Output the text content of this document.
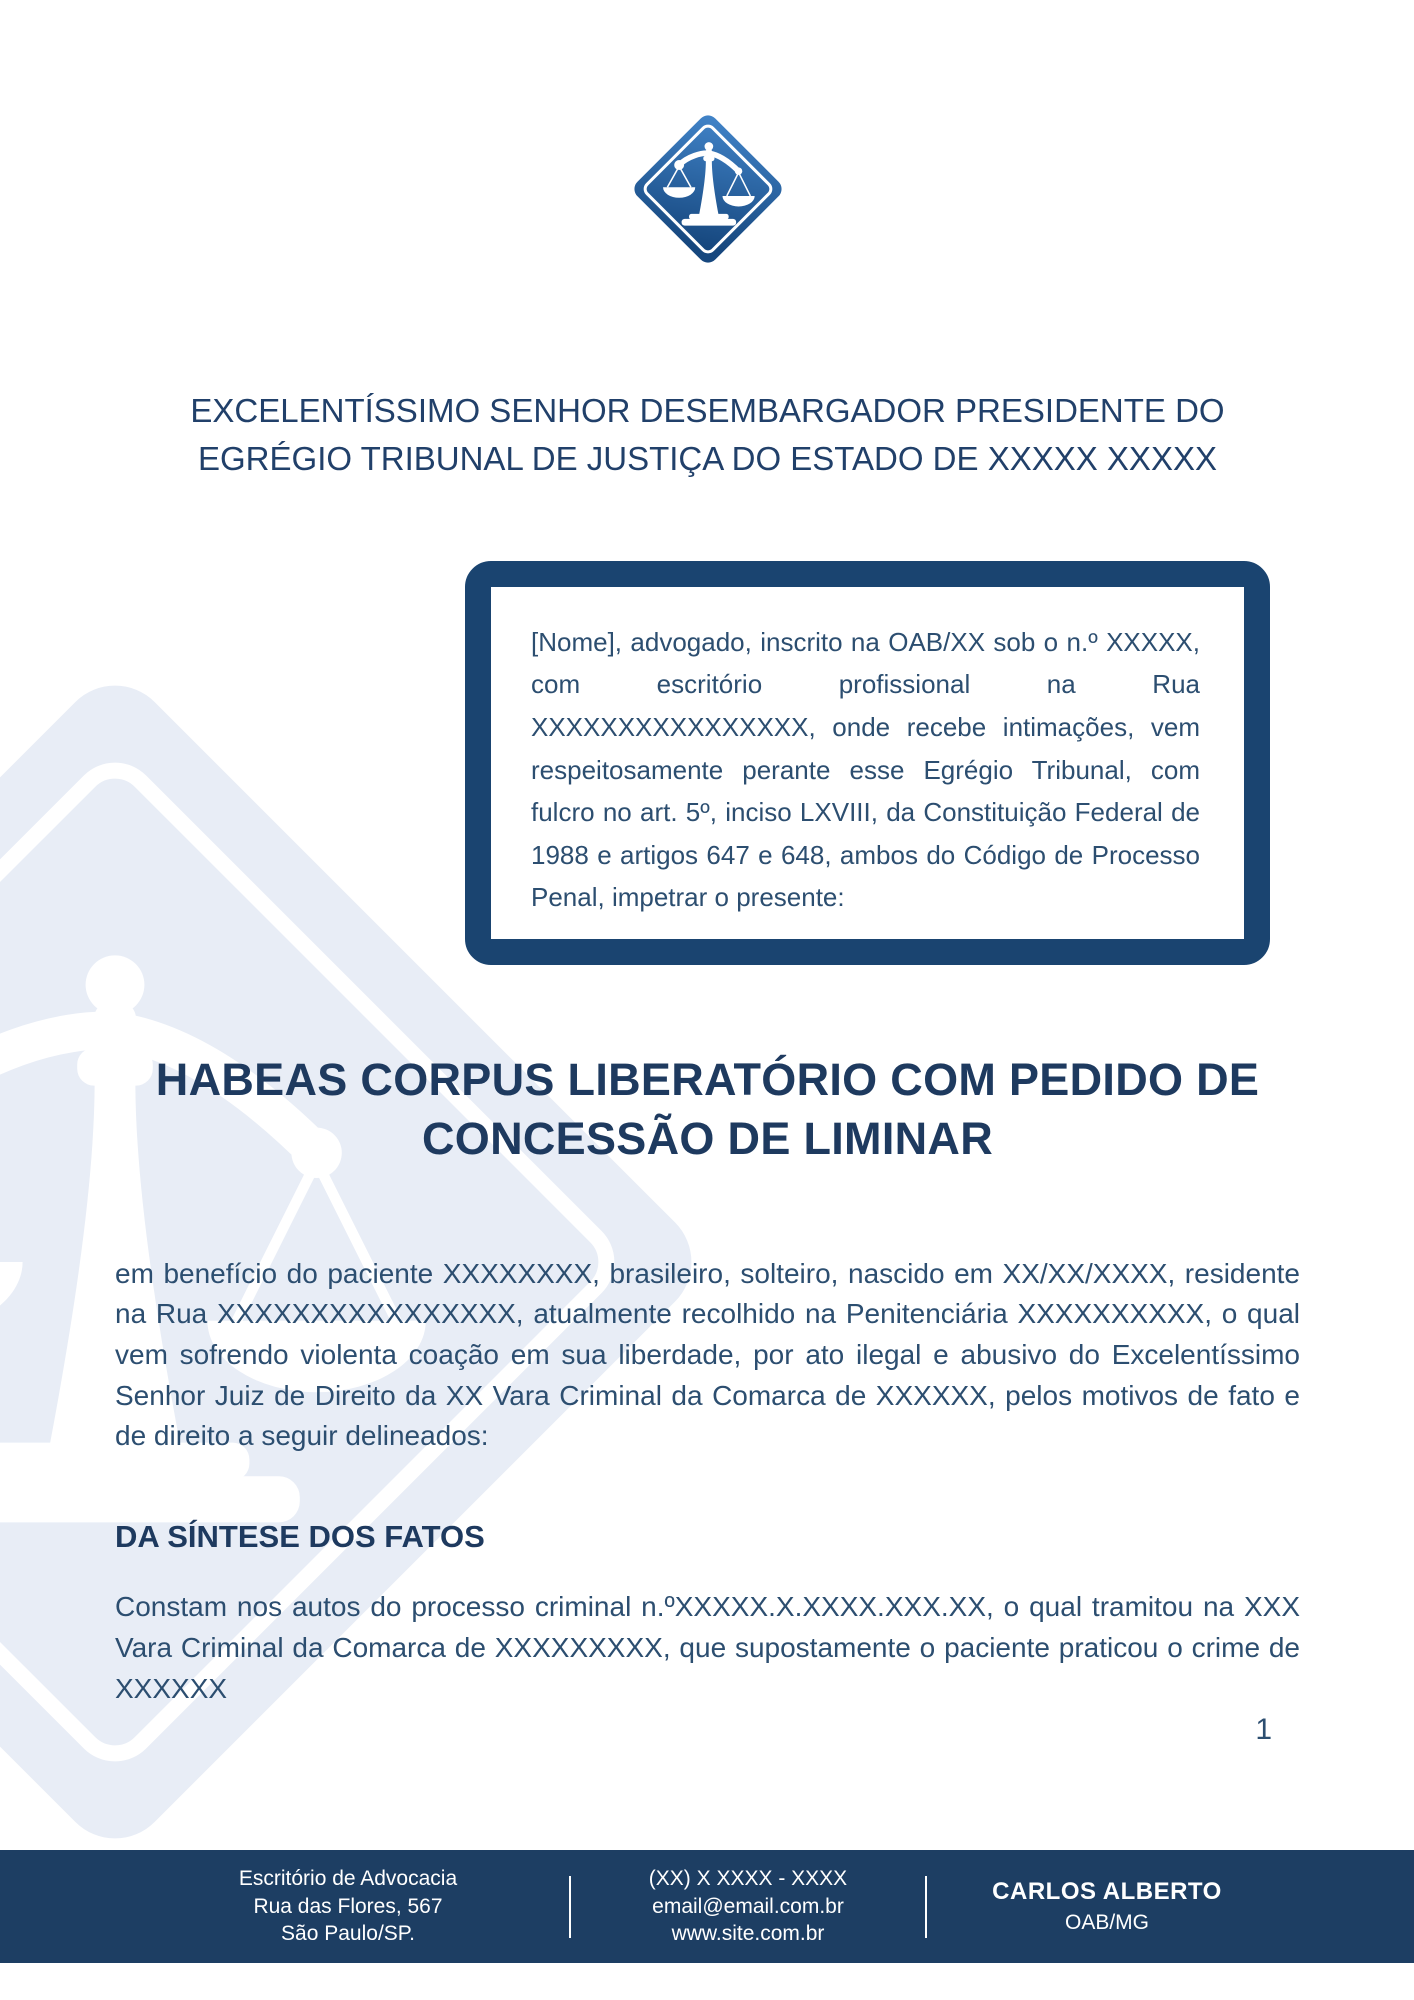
EXCELENTÍSSIMO SENHOR DESEMBARGADOR PRESIDENTE DO
EGRÉGIO TRIBUNAL DE JUSTIÇA DO ESTADO DE XXXXX XXXXX

[Nome], advogado, inscrito na OAB/XX sob o n.º XXXXX, com escritório profissional na Rua XXXXXXXXXXXXXXXX, onde recebe intimações, vem respeitosamente perante esse Egrégio Tribunal, com fulcro no art. 5º, inciso LXVIII, da Constituição Federal de 1988 e artigos 647 e 648, ambos do Código de Processo Penal, impetrar o presente:

HABEAS CORPUS LIBERATÓRIO COM PEDIDO DE
CONCESSÃO DE LIMINAR

em benefício do paciente XXXXXXXX, brasileiro, solteiro, nascido em XX/XX/XXXX, residente na Rua XXXXXXXXXXXXXXXX, atualmente recolhido na Penitenciária XXXXXXXXXX, o qual vem sofrendo violenta coação em sua liberdade, por ato ilegal e abusivo do Excelentíssimo Senhor Juiz de Direito da XX Vara Criminal da Comarca de XXXXXX, pelos motivos de fato e de direito a seguir delineados:

DA SÍNTESE DOS FATOS

Constam nos autos do processo criminal n.ºXXXXX.X.XXXX.XXX.XX, o qual tramitou na XXX Vara Criminal da Comarca de XXXXXXXXX, que supostamente o paciente praticou o crime de XXXXXX

1
Escritório de Advocacia
Rua das Flores, 567
São Paulo/SP.
(XX) X XXXX - XXXX
email@email.com.br
www.site.com.br
CARLOS ALBERTO
OAB/MG
